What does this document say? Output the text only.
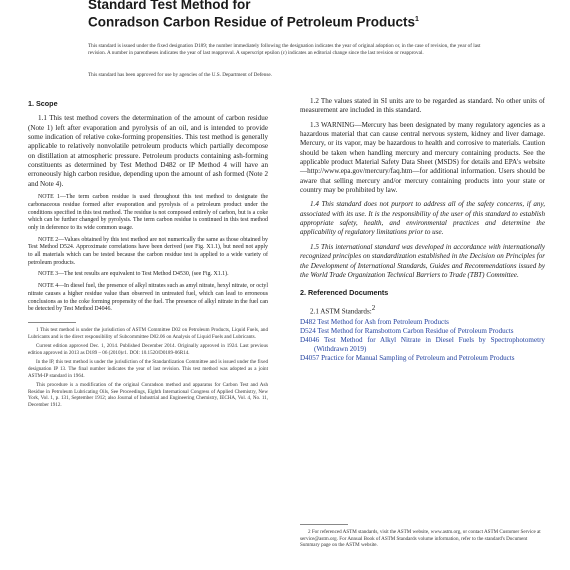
Standard Test Method for
Conradson Carbon Residue of Petroleum Products$^1$
This standard is issued under the fixed designation D189; the number immediately following the designation indicates the year of original adoption or, in the case of revision, the year of last revision. A number in parentheses indicates the year of last reapproval. A superscript epsilon (ε) indicates an editorial change since the last revision or reapproval.
This standard has been approved for use by agencies of the U.S. Department of Defense.
1. Scope

1.1 This test method covers the determination of the amount of carbon residue (Note 1) left after evaporation and pyrolysis of an oil, and is intended to provide some indication of relative coke-forming propensities. This test method is generally applicable to relatively nonvolatile petroleum products which partially decompose on distillation at atmospheric pressure. Petroleum products containing ash-forming constituents as determined by Test Method D482 or IP Method 4 will have an erroneously high carbon residue, depending upon the amount of ash formed (Note 2 and Note 4).

NOTE 1—The term carbon residue is used throughout this test method to designate the carbonaceous residue formed after evaporation and pyrolysis of a petroleum product under the conditions specified in this test method. The residue is not composed entirely of carbon, but is a coke which can be further changed by pyrolysis. The term carbon residue is continued in this test method only in deference to its wide common usage.

NOTE 2—Values obtained by this test method are not numerically the same as those obtained by Test Method D524. Approximate correlations have been derived (see Fig. X1.1), but need not apply to all materials which can be tested because the carbon residue test is applied to a wide variety of petroleum products.

NOTE 3—The test results are equivalent to Test Method D4530, (see Fig. X1.1).

NOTE 4—In diesel fuel, the presence of alkyl nitrates such as amyl nitrate, hexyl nitrate, or octyl nitrate causes a higher residue value than observed in untreated fuel, which can lead to erroneous conclusions as to the coke forming propensity of the fuel. The presence of alkyl nitrate in the fuel can be detected by Test Method D4046.

1 This test method is under the jurisdiction of ASTM Committee D02 on Petroleum Products, Liquid Fuels, and Lubricants and is the direct responsibility of Subcommittee D02.06 on Analysis of Liquid Fuels and Lubricants.

Current edition approved Dec. 1, 2014. Published December 2014. Originally approved in 1924. Last previous edition approved in 2013 as D189 – 06 (2010)ε1. DOI: 10.1520/D0189-06R14.

In the IP, this test method is under the jurisdiction of the Standardization Committee and is issued under the fixed designation IP 13. The final number indicates the year of last revision. This test method was adopted as a joint ASTM-IP standard in 1964.

This procedure is a modification of the original Conradson method and apparatus for Carbon Test and Ash Residue in Petroleum Lubricating Oils, See Proceedings, Eighth International Congress of Applied Chemistry, New York, Vol. 1, p. 131, September 1912; also Journal of Industrial and Engineering Chemistry, IECHA, Vol. 4, No. 11, December 1912.

1.2 The values stated in SI units are to be regarded as standard. No other units of measurement are included in this standard.

1.3 WARNING—Mercury has been designated by many regulatory agencies as a hazardous material that can cause central nervous system, kidney and liver damage. Mercury, or its vapor, may be hazardous to health and corrosive to materials. Caution should be taken when handling mercury and mercury containing products. See the applicable product Material Safety Data Sheet (MSDS) for details and EPA's website—http://www.epa.gov/mercury/faq.htm—for additional information. Users should be aware that selling mercury and/or mercury containing products into your state or country may be prohibited by law.

1.4 This standard does not purport to address all of the safety concerns, if any, associated with its use. It is the responsibility of the user of this standard to establish appropriate safety, health, and environmental practices and determine the applicability of regulatory limitations prior to use.

1.5 This international standard was developed in accordance with internationally recognized principles on standardization established in the Decision on Principles for the Development of International Standards, Guides and Recommendations issued by the World Trade Organization Technical Barriers to Trade (TBT) Committee.

2. Referenced Documents
2.1 ASTM Standards:2
D482 Test Method for Ash from Petroleum Products
D524 Test Method for Ramsbottom Carbon Residue of Petroleum Products
D4046 Test Method for Alkyl Nitrate in Diesel Fuels by Spectrophotometry (Withdrawn 2019)
D4057 Practice for Manual Sampling of Petroleum and Petroleum Products

2 For referenced ASTM standards, visit the ASTM website, www.astm.org, or contact ASTM Customer Service at service@astm.org. For Annual Book of ASTM Standards volume information, refer to the standard's Document Summary page on the ASTM website.
